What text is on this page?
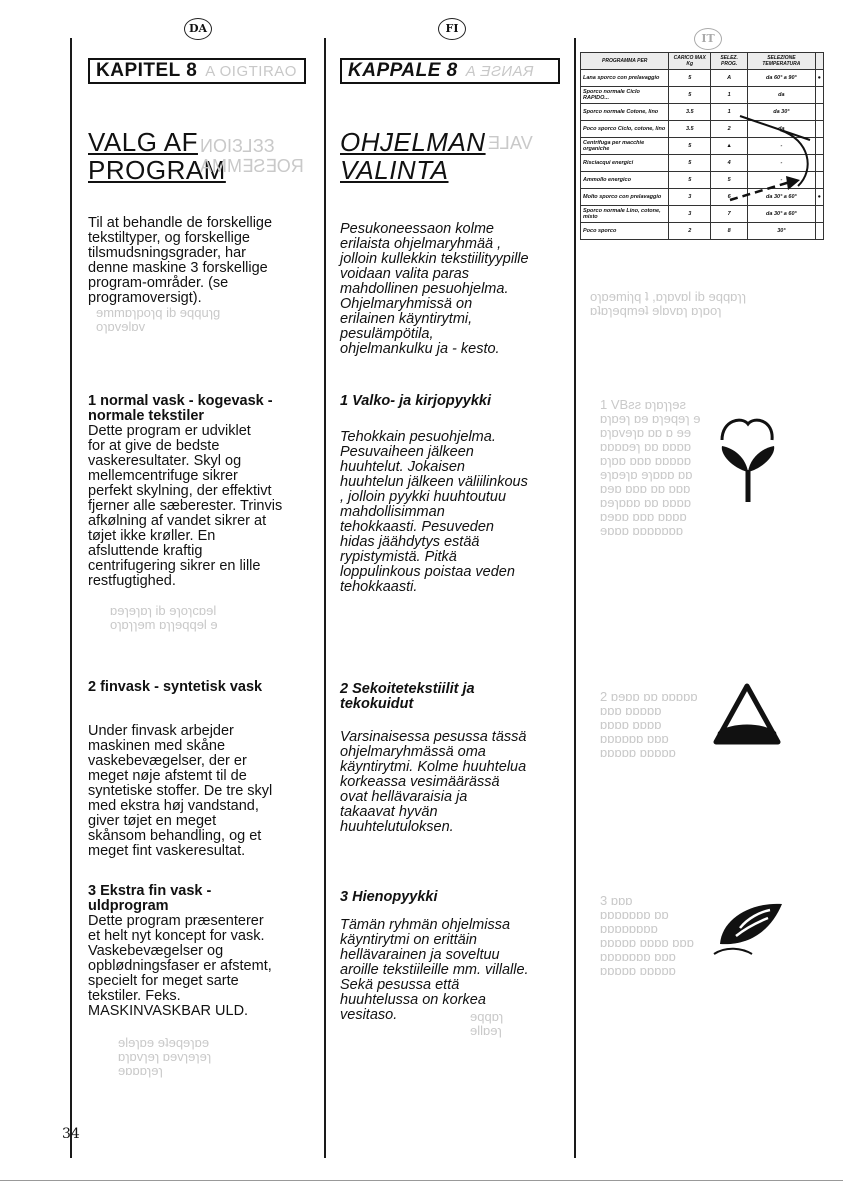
DA
KAPITEL 8 A OIGTIRAO
VALG AF
PROGRAM
ИОІЗ⅃ЗЗ
AMM∃Ƨ∃OЯ

Til at behandle de forskellige
tekstiltyper, og forskellige
tilsmudsningsgrader, har
denne maskine 3 forskellige
program-områder. (se
programoversigt).

ɘmmɒɿpoɿq ib ɘqquɿg
oɿɒvɘlɒv

1 normal vask - kogevask -
normale tekstiler

Dette program er udviklet
for at give de bedste
vaskeresultater. Skyl og
mellemcentrifuge sikrer
perfekt skylning, der effektivt
fjerner alle sæberester. Trinvis
afkølning af vandet sikrer at
tøjet ikke krøller. En
afsluttende kraftig
centrifugering sikrer en lille
restfugtighed.

ɒɘɿɘɿɒɿ ib ɘɿoɿcɒɘl
oɿɒɿɿɘm ɒɿɿɘqqɘl ɘ

2 finvask - syntetisk vask

Under finvask arbejder
maskinen med skåne
vaskebevægelser, der er
meget nøje afstemt til de
syntetiske stoffer. De tre skyl
med ekstra høj vandstand,
giver tøjet en meget
skånsom behandling, og et
meget fint vaskeresultat.

3 Ekstra fin vask -
uldprogram

Dette program præsenterer
et helt nyt koncept for vask.
Vaskebevægelser og
opblødningsfaser er afstemt,
specielt for meget sarte
tekstiler. Feks.
MASKINVASKBAR ULD.

ɘlɘɿɒɘ ɘʇɘqɘɿɒɘ
ɒɿɒvɿɘɿ ɒɘvɿɘɿɘɿ
ɘɒɒɒɿɘɿ
FI
KAPPALE 8 A ƎƧИAЯ
OHJELMAN
VALINTA
Ǝ⅃AV

Pesukoneessaon kolme
erilaista ohjelmaryhmää ,
jolloin kullekkin tekstiilityypille
voidaan valita paras
mahdollinen pesuohjelma.
Ohjelmaryhmissä on
erilainen käyntirytmi,
pesulämpötila,
ohjelmankulku ja - kesto.

1 Valko- ja kirjopyykki

Tehokkain pesuohjelma.
Pesuvaiheen jälkeen
huuhtelut. Jokaisen
huuhtelun jälkeen väliilinkous
, jolloin pyykki huuhtoutuu
mahdollisimman
tehokkaasti. Pesuveden
hidas jäähdytys estää
rypistymistä. Pitkä
loppulinkous poistaa veden
tehokkaasti.

2 Sekoitetekstiilit ja
tekokuidut

Varsinaisessa pesussa tässä
ohjelmaryhmässä oma
käyntirytmi. Kolme huuhtelua
korkeassa vesimäärässä
ovat hellävaraisia ja
takaavat hyvän
huuhtelutuloksen.

3 Hienopyykki

Tämän ryhmän ohjelmissa
käyntirytmi on erittäin
hellävarainen ja soveltuu
aroille tekstiileille mm. villalle.
Sekä pesussa että
huuhtelussa on korkea
vesitaso.	ɘqqɒɿ
ɘllɒɘɿ
IT
PROGRAMMA PER	CARICO MAX Kg	SELEZ. PROG.	SELEZIONE TEMPERATURA	
Lana sporco con prelavaggio	5	A	da 60° a 90°	●
Sporco normale Ciclo RAPIDO...	5	1	da	
Sporco normale Cotone, lino	3.5	1	da 30°	
Poco sporco Ciclo, cotone, lino	3.5	2	da	
Centrifuga per macchie organiche	5	▲	-	
Risciacqui energici	5	4	-	
Ammollo energico	5	5	-	
Molto sporco con prelavaggio	3	6	da 30° a 60°	●
Sporco normale Lino, cotone, misto	3	7	da 30° a 60°	
Poco sporco	2	8	30°	
oɿɒɘmiɿq ʇ ,ɒɿɒvɒl ib ɘqqɒɿɿ
ɒʇɒɿɘqmɘʇ ɘlɒvɒɿ ɒɿɒoɿ
1 VBƨƨ ɒɿɒɿɿɘƨ
ɒɿɒɘɿ ɒɘ ɒɿɘqɘɿ ɘ
ɒɿɒvɘɿɒ ɒɒ ɒ ɘɘ
ɒɒɒɒɘɿ ɒɒ ɒɒɒɒ
ɒɿɒɒ ɒɒɒ ɒɒɒɒɒ
ɘɿɒɘɿɒ ɘɿɒɒɒ ɒɒ
ɒɘɒ ɒɒɒ ɒɒ ɒɒɒ
ɒɘɿɒɒɒ ɒɒ ɒɒɒɒ
ɒɘɒɒ ɒɒɒ ɒɒɒɒ
ɘɒɒɒ ɒɒɒɒɒɒɒ
2 ɒɘɒɒ ɒɒ ɒɒɒɒɒ
ɒɒɒ ɒɒɒɒɒ
ɒɒɒɒ ɒɒɒɒ
ɒɒɒɒɒɒ ɒɒɒ
ɒɒɒɒɒ ɒɒɒɒɒ
3 ɒɒɒ
ɒɒɒɒɒɒɒ ɒɒ
ɒɒɒɒɒɒɒɒ
ɒɒɒɒɒ ɒɒɒɒ ɒɒɒ
ɒɒɒɒɒɒɒ ɒɒɒ
ɒɒɒɒɒ ɒɒɒɒɒ
34
